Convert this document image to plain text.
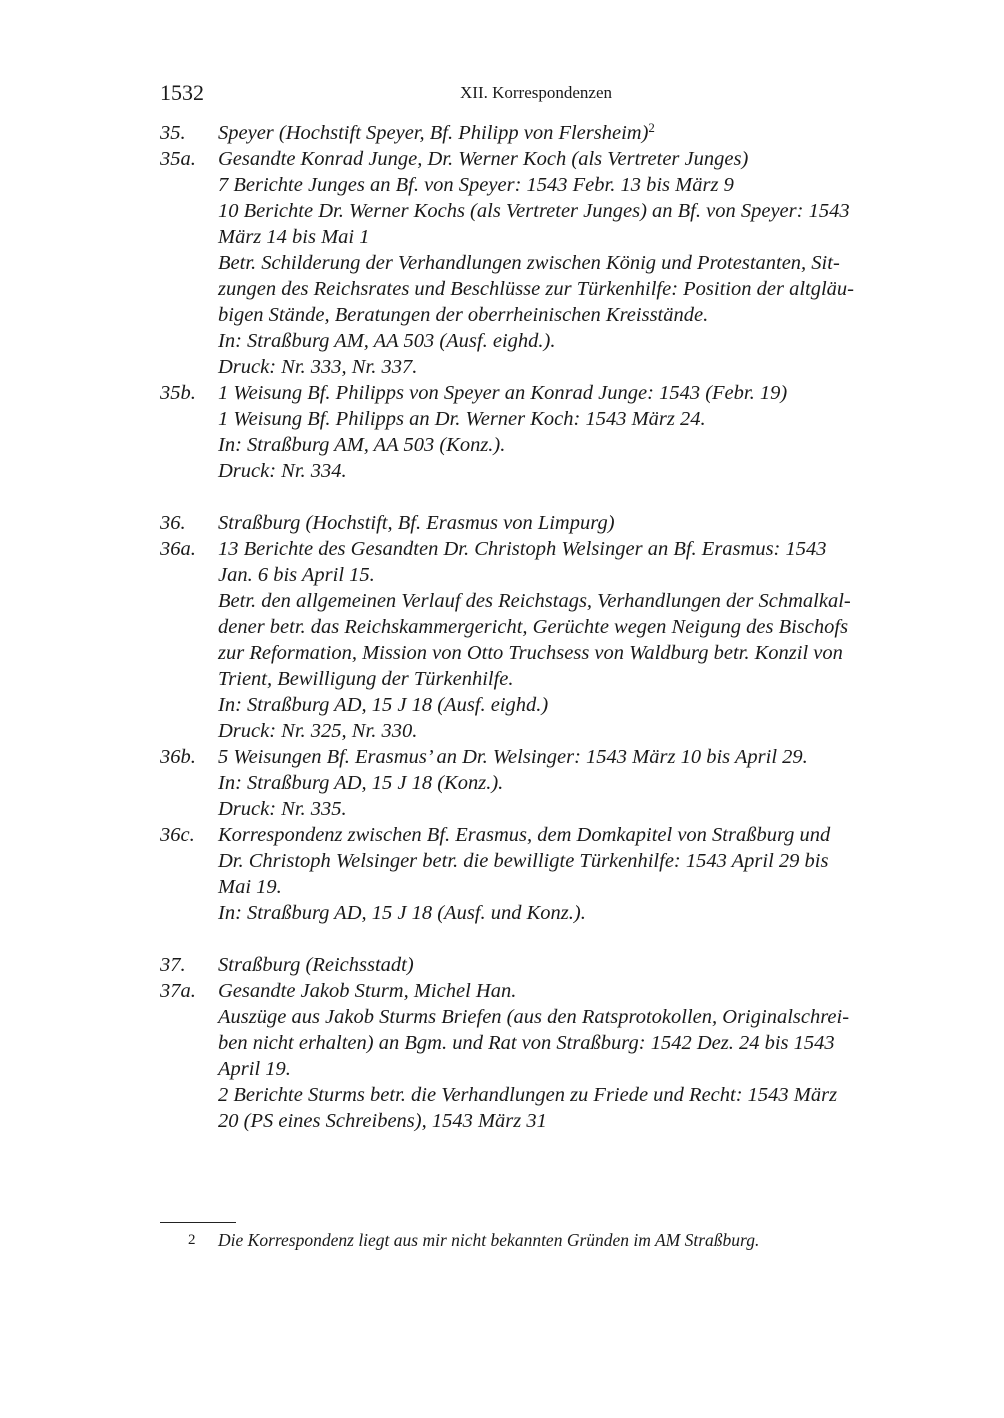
1532	XII. Korrespondenzen
35.	Speyer (Hochstift Speyer, Bf. Philipp von Flersheim)$^2$
35a.	Gesandte Konrad Junge, Dr. Werner Koch (als Vertreter Junges)
7 Berichte Junges an Bf. von Speyer: 1543 Febr. 13 bis März 9
10 Berichte Dr. Werner Kochs (als Vertreter Junges) an Bf. von Speyer: 1543
März 14 bis Mai 1
Betr. Schilderung der Verhandlungen zwischen König und Protestanten, Sit-
zungen des Reichsrates und Beschlüsse zur Türkenhilfe: Position der altgläu-
bigen Stände, Beratungen der oberrheinischen Kreisstände.
In: Straßburg AM, AA 503 (Ausf. eighd.).
Druck: Nr. 333, Nr. 337.
35b.	1 Weisung Bf. Philipps von Speyer an Konrad Junge: 1543 (Febr. 19)
1 Weisung Bf. Philipps an Dr. Werner Koch: 1543 März 24.
In: Straßburg AM, AA 503 (Konz.).
Druck: Nr. 334.
36.	Straßburg (Hochstift, Bf. Erasmus von Limpurg)
36a.	13 Berichte des Gesandten Dr. Christoph Welsinger an Bf. Erasmus: 1543
Jan. 6 bis April 15.
Betr. den allgemeinen Verlauf des Reichstags, Verhandlungen der Schmalkal-
dener betr. das Reichskammergericht, Gerüchte wegen Neigung des Bischofs
zur Reformation, Mission von Otto Truchsess von Waldburg betr. Konzil von
Trient, Bewilligung der Türkenhilfe.
In: Straßburg AD, 15 J 18 (Ausf. eighd.)
Druck: Nr. 325, Nr. 330.
36b.	5 Weisungen Bf. Erasmus’ an Dr. Welsinger: 1543 März 10 bis April 29.
In: Straßburg AD, 15 J 18 (Konz.).
Druck: Nr. 335.
36c.	Korrespondenz zwischen Bf. Erasmus, dem Domkapitel von Straßburg und
Dr. Christoph Welsinger betr. die bewilligte Türkenhilfe: 1543 April 29 bis
Mai 19.
In: Straßburg AD, 15 J 18 (Ausf. und Konz.).
37.	Straßburg (Reichsstadt)
37a.	Gesandte Jakob Sturm, Michel Han.
Auszüge aus Jakob Sturms Briefen (aus den Ratsprotokollen, Originalschrei-
ben nicht erhalten) an Bgm. und Rat von Straßburg: 1542 Dez. 24 bis 1543
April 19.
2 Berichte Sturms betr. die Verhandlungen zu Friede und Recht: 1543 März
20 (PS eines Schreibens), 1543 März 31
2 Die Korrespondenz liegt aus mir nicht bekannten Gründen im AM Straßburg.
